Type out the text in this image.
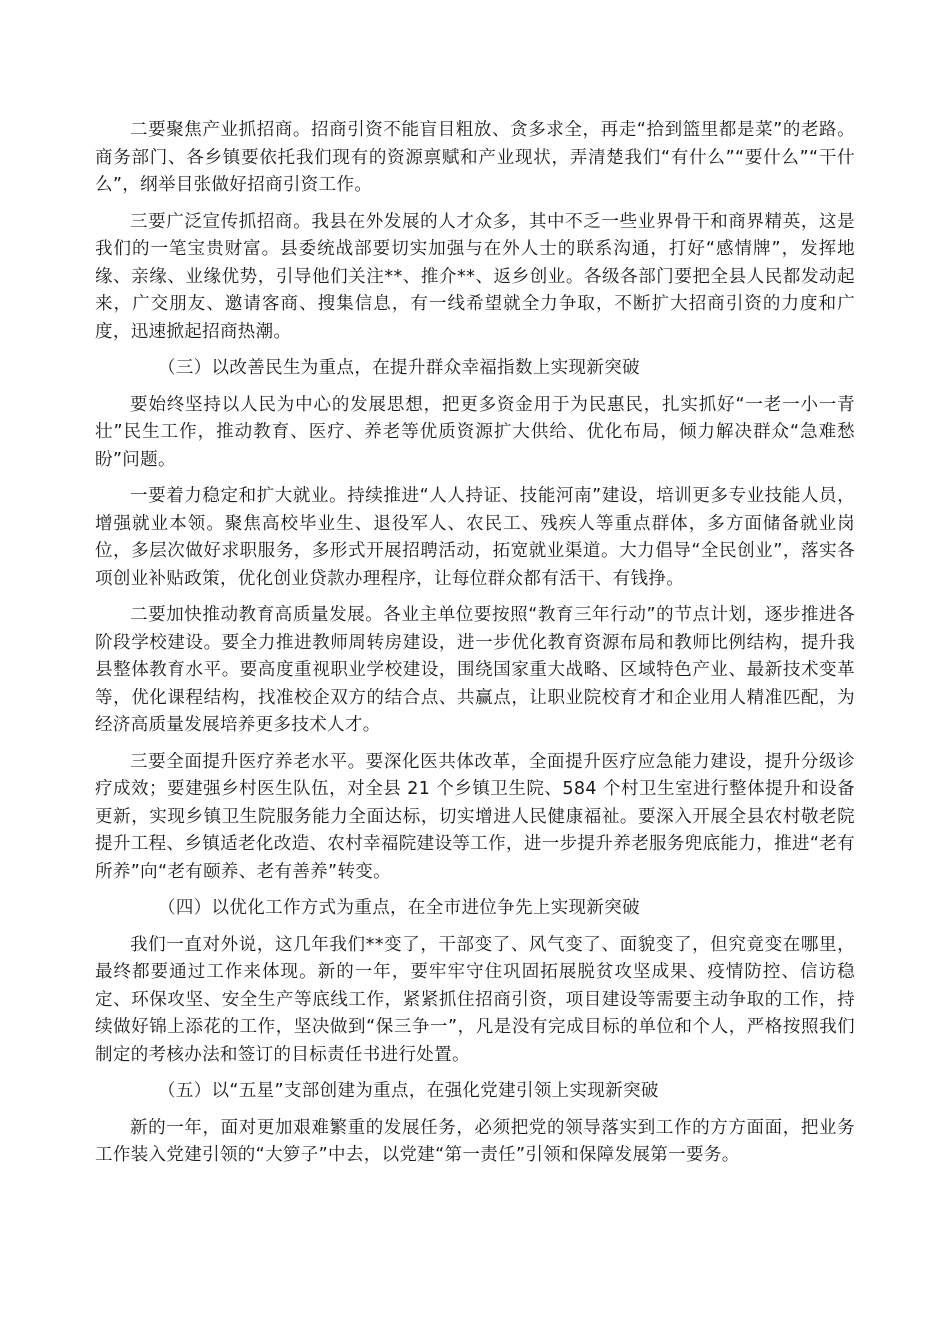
二要聚焦产业抓招商。招商引资不能盲目粗放、贪多求全，再走“拾到篮里都是菜”的老路。商务部门、各乡镇要依托我们现有的资源禀赋和产业现状，弄清楚我们“有什么”“要什么”“干什么”，纲举目张做好招商引资工作。

三要广泛宣传抓招商。我县在外发展的人才众多，其中不乏一些业界骨干和商界精英，这是我们的一笔宝贵财富。县委统战部要切实加强与在外人士的联系沟通，打好“感情牌”，发挥地缘、亲缘、业缘优势，引导他们关注**、推介**、返乡创业。各级各部门要把全县人民都发动起来，广交朋友、邀请客商、搜集信息，有一线希望就全力争取，不断扩大招商引资的力度和广度，迅速掀起招商热潮。

（三）以改善民生为重点，在提升群众幸福指数上实现新突破

要始终坚持以人民为中心的发展思想，把更多资金用于为民惠民，扎实抓好“一老一小一青壮”民生工作，推动教育、医疗、养老等优质资源扩大供给、优化布局，倾力解决群众“急难愁盼”问题。

一要着力稳定和扩大就业。持续推进“人人持证、技能河南”建设，培训更多专业技能人员，增强就业本领。聚焦高校毕业生、退役军人、农民工、残疾人等重点群体，多方面储备就业岗位，多层次做好求职服务，多形式开展招聘活动，拓宽就业渠道。大力倡导“全民创业”，落实各项创业补贴政策，优化创业贷款办理程序，让每位群众都有活干、有钱挣。

二要加快推动教育高质量发展。各业主单位要按照“教育三年行动”的节点计划，逐步推进各阶段学校建设。要全力推进教师周转房建设，进一步优化教育资源布局和教师比例结构，提升我县整体教育水平。要高度重视职业学校建设，围绕国家重大战略、区域特色产业、最新技术变革等，优化课程结构，找准校企双方的结合点、共赢点，让职业院校育才和企业用人精准匹配，为经济高质量发展培养更多技术人才。

三要全面提升医疗养老水平。要深化医共体改革，全面提升医疗应急能力建设，提升分级诊疗成效；要建强乡村医生队伍，对全县 21 个乡镇卫生院、584 个村卫生室进行整体提升和设备更新，实现乡镇卫生院服务能力全面达标，切实增进人民健康福祉。要深入开展全县农村敬老院提升工程、乡镇适老化改造、农村幸福院建设等工作，进一步提升养老服务兜底能力，推进“老有所养”向“老有颐养、老有善养”转变。

（四）以优化工作方式为重点，在全市进位争先上实现新突破

我们一直对外说，这几年我们**变了，干部变了、风气变了、面貌变了，但究竟变在哪里，最终都要通过工作来体现。新的一年，要牢牢守住巩固拓展脱贫攻坚成果、疫情防控、信访稳定、环保攻坚、安全生产等底线工作，紧紧抓住招商引资，项目建设等需要主动争取的工作，持续做好锦上添花的工作，坚决做到“保三争一”，凡是没有完成目标的单位和个人，严格按照我们制定的考核办法和签订的目标责任书进行处置。

（五）以“五星”支部创建为重点，在强化党建引领上实现新突破

新的一年，面对更加艰难繁重的发展任务，必须把党的领导落实到工作的方方面面，把业务工作装入党建引领的“大箩子”中去，以党建“第一责任”引领和保障发展第一要务。
